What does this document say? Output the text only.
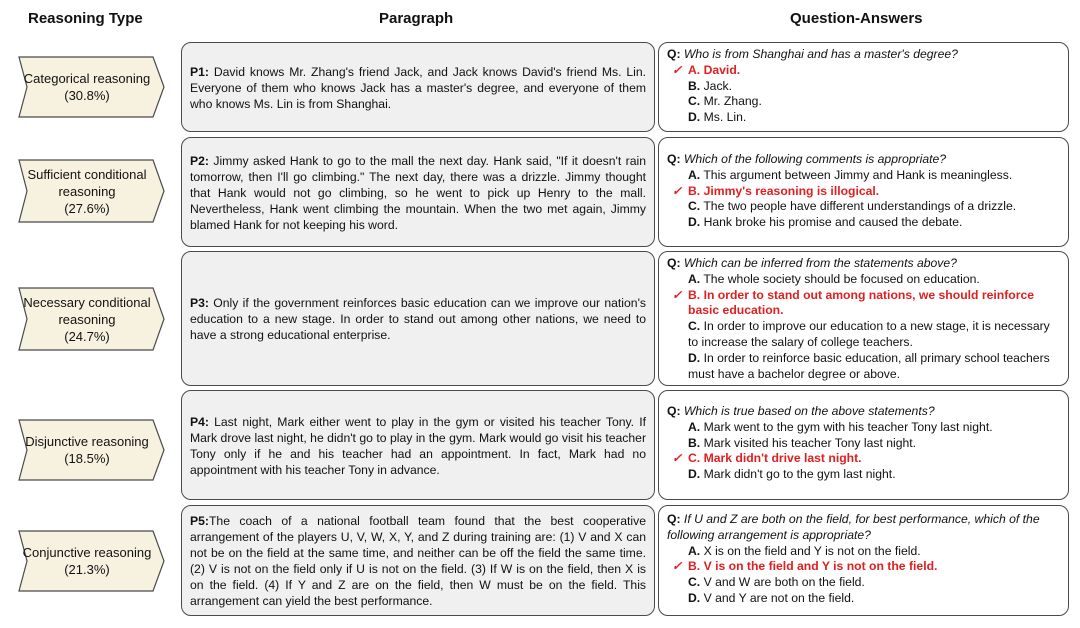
Reasoning Type	Paragraph	Question-Answers
Categorical reasoning
(30.8%)
Sufficient conditional
reasoning
(27.6%)
Necessary conditional
reasoning
(24.7%)
Disjunctive reasoning
(18.5%)
Conjunctive reasoning
(21.3%)
P1: David knows Mr. Zhang's friend Jack, and Jack knows David's friend Ms. Lin. Everyone of them who knows Jack has a master's degree, and everyone of them who knows Ms. Lin is from Shanghai.
P2: Jimmy asked Hank to go to the mall the next day. Hank said, "If it doesn't rain tomorrow, then I'll go climbing." The next day, there was a drizzle. Jimmy thought that Hank would not go climbing, so he went to pick up Henry to the mall. Nevertheless, Hank went climbing the mountain. When the two met again, Jimmy blamed Hank for not keeping his word.
P3: Only if the government reinforces basic education can we improve our nation's education to a new stage. In order to stand out among other nations, we need to have a strong educational enterprise.
P4: Last night, Mark either went to play in the gym or visited his teacher Tony. If Mark drove last night, he didn't go to play in the gym. Mark would go visit his teacher Tony only if he and his teacher had an appointment. In fact, Mark had no appointment with his teacher Tony in advance.
P5:The coach of a national football team found that the best cooperative arrangement of the players U, V, W, X, Y, and Z during training are: (1) V and X can not be on the field at the same time, and neither can be off the field the same time. (2) V is not on the field only if U is not on the field. (3) If W is on the field, then X is on the field. (4) If Y and Z are on the field, then W must be on the field. This arrangement can yield the best performance.
Q: Who is from Shanghai and has a master's degree?
✓ A. David.
B. Jack.
C. Mr. Zhang.
D. Ms. Lin.
Q: Which of the following comments is appropriate?
A. This argument between Jimmy and Hank is meaningless.
✓ B. Jimmy's reasoning is illogical.
C. The two people have different understandings of a drizzle.
D. Hank broke his promise and caused the debate.
Q: Which can be inferred from the statements above?
A. The whole society should be focused on education.
✓ B. In order to stand out among nations, we should reinforce basic education.
C. In order to improve our education to a new stage, it is necessary to increase the salary of college teachers.
D. In order to reinforce basic education, all primary school teachers must have a bachelor degree or above.
Q: Which is true based on the above statements?
A. Mark went to the gym with his teacher Tony last night.
B. Mark visited his teacher Tony last night.
✓ C. Mark didn't drive last night.
D. Mark didn't go to the gym last night.
Q: If U and Z are both on the field, for best performance, which of the following arrangement is appropriate?
A. X is on the field and Y is not on the field.
✓ B. V is on the field and Y is not on the field.
C. V and W are both on the field.
D. V and Y are not on the field.
